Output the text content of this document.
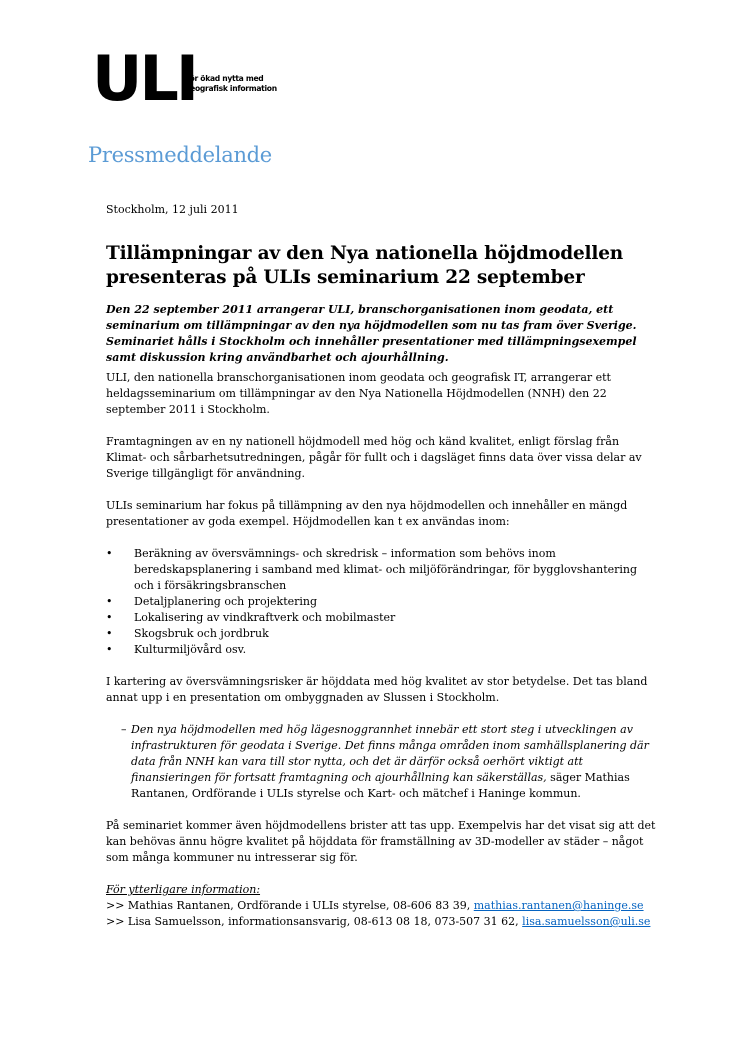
ULI
För ökad nytta med
geografisk information
Pressmeddelande
Stockholm, 12 juli 2011
Tillämpningar av den Nya nationella höjdmodellen presenteras på ULIs seminarium 22 september

Den 22 september 2011 arrangerar ULI, branschorganisationen inom geodata, ett seminarium om tillämpningar av den nya höjdmodellen som nu tas fram över Sverige. Seminariet hålls i Stockholm och innehåller presentationer med tillämpningsexempel samt diskussion kring användbarhet och ajourhållning.

ULI, den nationella branschorganisationen inom geodata och geografisk IT, arrangerar ett heldagsseminarium om tillämpningar av den Nya Nationella Höjdmodellen (NNH) den 22 september 2011 i Stockholm.

Framtagningen av en ny nationell höjdmodell med hög och känd kvalitet, enligt förslag från Klimat- och sårbarhetsutredningen, pågår för fullt och i dagsläget finns data över vissa delar av Sverige tillgängligt för användning.

ULIs seminarium har fokus på tillämpning av den nya höjdmodellen och innehåller en mängd presentationer av goda exempel. Höjdmodellen kan t ex användas inom:

•	Beräkning av översvämnings- och skredrisk – information som behövs inom beredskapsplanering i samband med klimat- och miljöförändringar, för bygglovshantering och i försäkringsbranschen
•	Detaljplanering och projektering
•	Lokalisering av vindkraftverk och mobilmaster
•	Skogsbruk och jordbruk
•	Kulturmiljövård osv.

I kartering av översvämningsrisker är höjddata med hög kvalitet av stor betydelse. Det tas bland annat upp i en presentation om ombyggnaden av Slussen i Stockholm.

– Den nya höjdmodellen med hög lägesnoggrannhet innebär ett stort steg i utvecklingen av infrastrukturen för geodata i Sverige. Det finns många områden inom samhällsplanering där data från NNH kan vara till stor nytta, och det är därför också oerhört viktigt att finansieringen för fortsatt framtagning och ajourhållning kan säkerställas, säger Mathias Rantanen, Ordförande i ULIs styrelse och Kart- och mätchef i Haninge kommun.

På seminariet kommer även höjdmodellens brister att tas upp. Exempelvis har det visat sig att det kan behövas ännu högre kvalitet på höjddata för framställning av 3D-modeller av städer – något som många kommuner nu intresserar sig för.

För ytterligare information:
>> Mathias Rantanen, Ordförande i ULIs styrelse, 08-606 83 39, mathias.rantanen@haninge.se
>> Lisa Samuelsson, informationsansvarig, 08-613 08 18, 073-507 31 62, lisa.samuelsson@uli.se
